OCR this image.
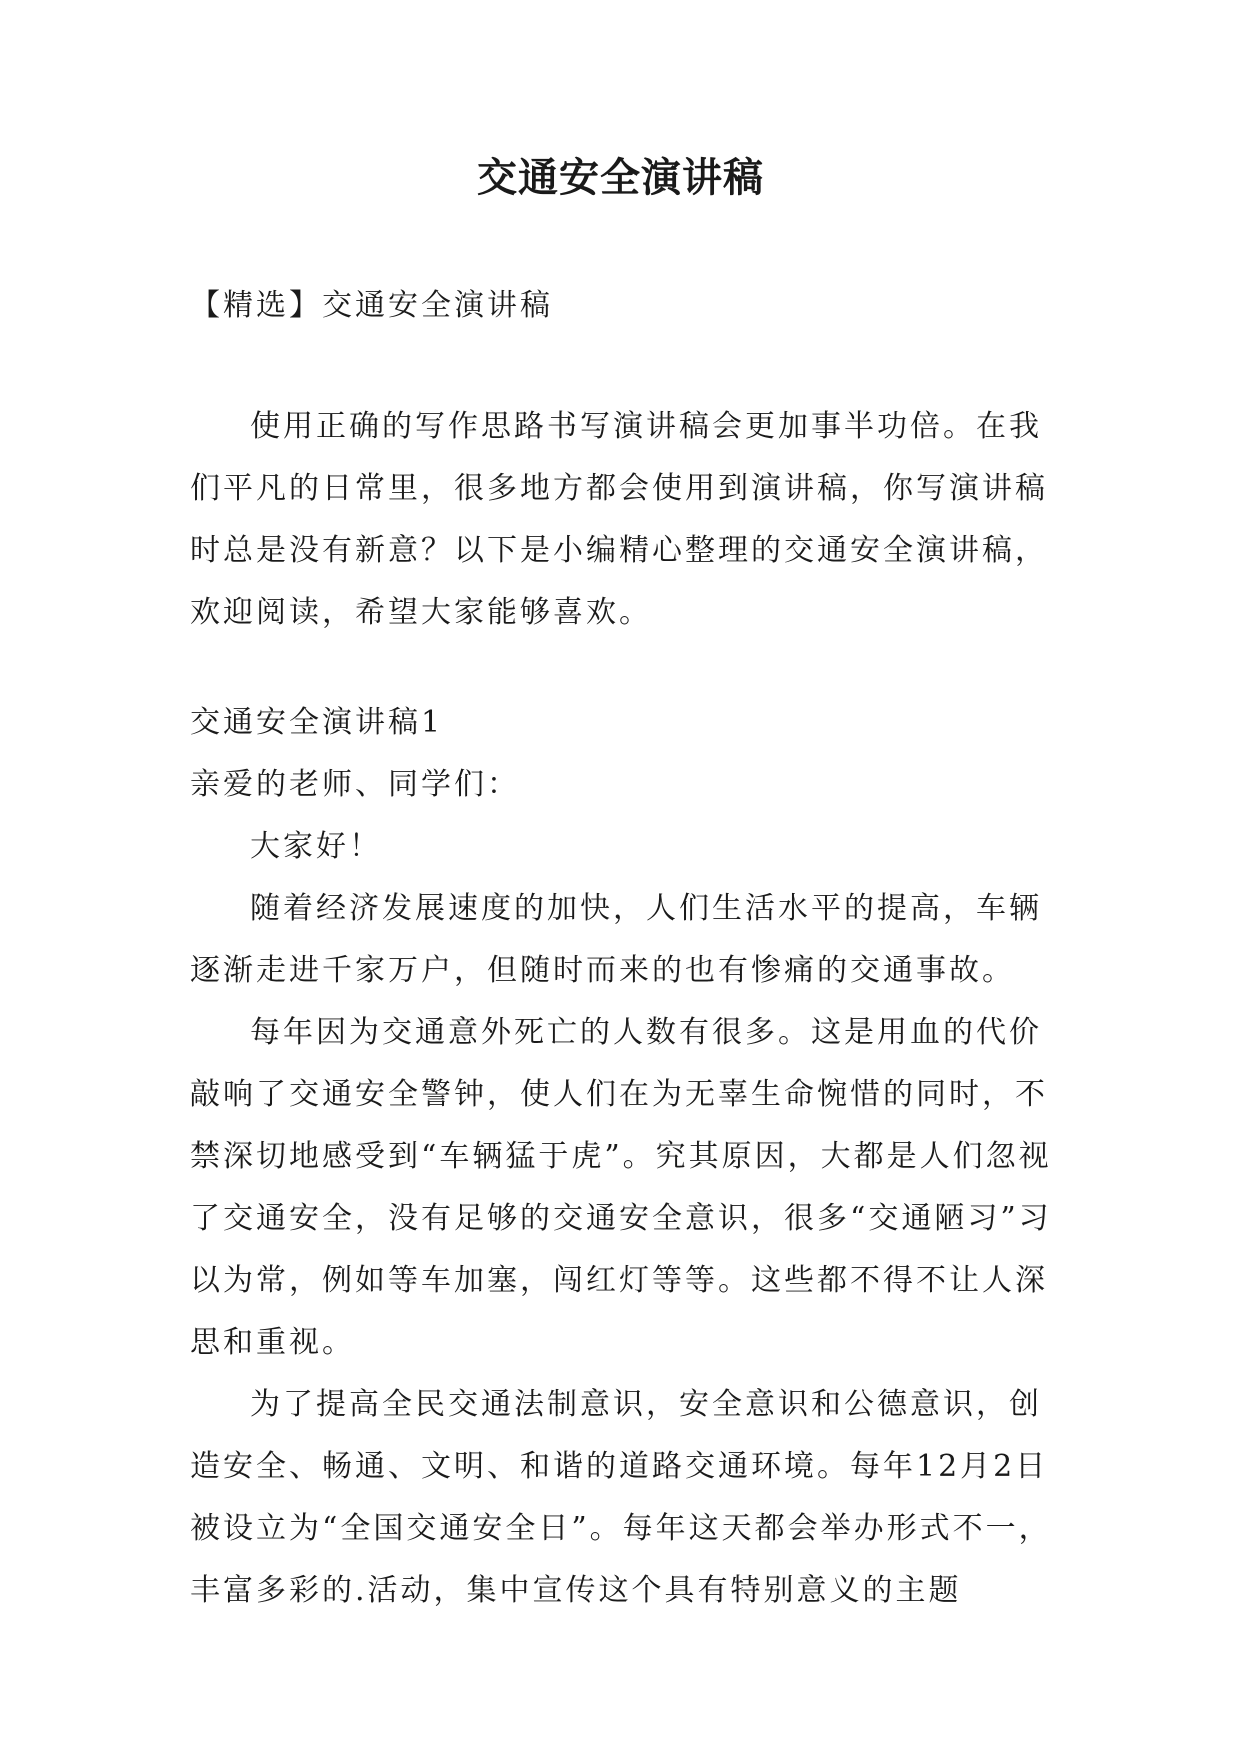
交通安全演讲稿
【精选】交通安全演讲稿
使用正确的写作思路书写演讲稿会更加事半功倍。在我们平凡的日常里，很多地方都会使用到演讲稿，你写演讲稿时总是没有新意？以下是小编精心整理的交通安全演讲稿，欢迎阅读，希望大家能够喜欢。

交通安全演讲稿1

亲爱的老师、同学们：

大家好！

随着经济发展速度的加快，人们生活水平的提高，车辆逐渐走进千家万户，但随时而来的也有惨痛的交通事故。

每年因为交通意外死亡的人数有很多。这是用血的代价敲响了交通安全警钟，使人们在为无辜生命惋惜的同时，不禁深切地感受到“车辆猛于虎”。究其原因，大都是人们忽视了交通安全，没有足够的交通安全意识，很多“交通陋习”习以为常，例如等车加塞，闯红灯等等。这些都不得不让人深思和重视。

为了提高全民交通法制意识，安全意识和公德意识，创造安全、畅通、文明、和谐的道路交通环境。每年12月2日被设立为“全国交通安全日”。每年这天都会举办形式不一，丰富多彩的.活动，集中宣传这个具有特别意义的主题
